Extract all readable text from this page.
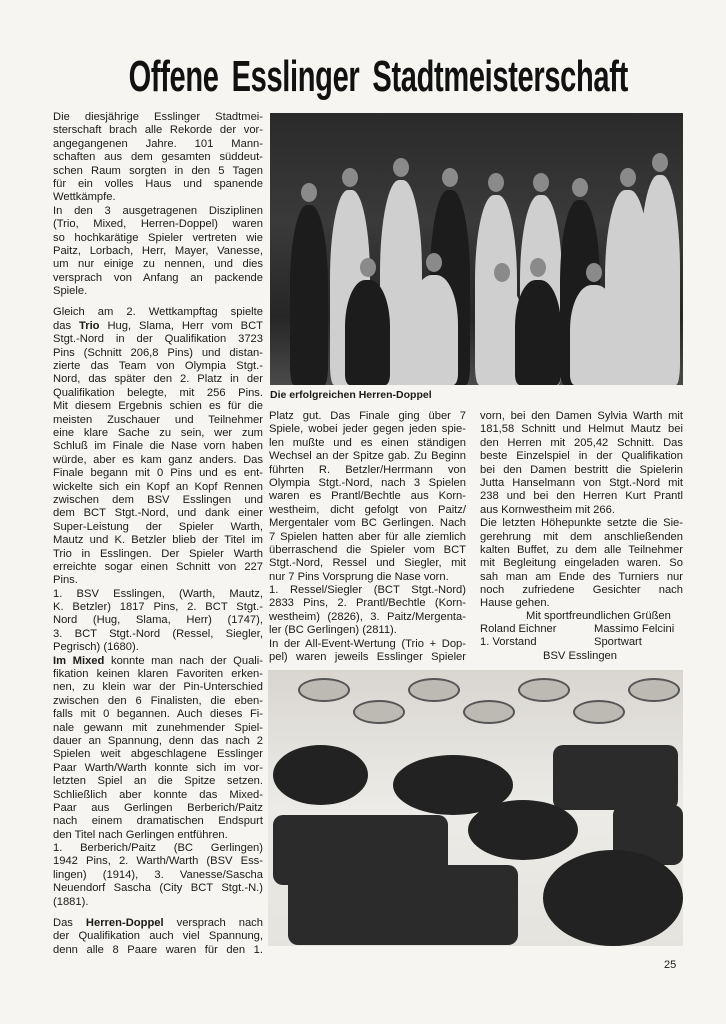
Offene Esslinger Stadtmeisterschaft
Die diesjährige Esslinger Stadtmei-
sterschaft brach alle Rekorde der vor-
angegangenen Jahre. 101 Mann-
schaften aus dem gesamten süddeut-
schen Raum sorgten in den 5 Tagen
für ein volles Haus und spanende
Wettkämpfe.
In den 3 ausgetragenen Disziplinen
(Trio, Mixed, Herren-Doppel) waren
so hochkarätige Spieler vertreten wie
Paitz, Lorbach, Herr, Mayer, Vanesse,
um nur einige zu nennen, und dies
versprach von Anfang an packende
Spiele.
Gleich am 2. Wettkampftag spielte
das Trio Hug, Slama, Herr vom BCT
Stgt.-Nord in der Qualifikation 3723
Pins (Schnitt 206,8 Pins) und distan-
zierte das Team von Olympia Stgt.-
Nord, das später den 2. Platz in der
Qualifikation belegte, mit 256 Pins.
Mit diesem Ergebnis schien es für die
meisten Zuschauer und Teilnehmer
eine klare Sache zu sein, wer zum
Schluß im Finale die Nase vorn haben
würde, aber es kam ganz anders. Das
Finale begann mit 0 Pins und es ent-
wickelte sich ein Kopf an Kopf Rennen
zwischen dem BSV Esslingen und
dem BCT Stgt.-Nord, und dank einer
Super-Leistung der Spieler Warth,
Mautz und K. Betzler blieb der Titel im
Trio in Esslingen. Der Spieler Warth
erreichte sogar einen Schnitt von 227
Pins.
1. BSV Esslingen, (Warth, Mautz,
K. Betzler) 1817 Pins, 2. BCT Stgt.-
Nord (Hug, Slama, Herr) (1747),
3. BCT Stgt.-Nord (Ressel, Siegler,
Pegrisch) (1680).
Im Mixed konnte man nach der Quali-
fikation keinen klaren Favoriten erken-
nen, zu klein war der Pin-Unterschied
zwischen den 6 Finalisten, die eben-
falls mit 0 begannen. Auch dieses Fi-
nale gewann mit zunehmender Spiel-
dauer an Spannung, denn das nach 2
Spielen weit abgeschlagene Esslinger
Paar Warth/Warth konnte sich im vor-
letzten Spiel an die Spitze setzen.
Schließlich aber konnte das Mixed-
Paar aus Gerlingen Berberich/Paitz
nach einem dramatischen Endspurt
den Titel nach Gerlingen entführen.
1. Berberich/Paitz (BC Gerlingen)
1942 Pins, 2. Warth/Warth (BSV Ess-
lingen) (1914), 3. Vanesse/Sascha
Neuendorf Sascha (City BCT Stgt.-N.)
(1881).
Das Herren-Doppel versprach nach
der Qualifikation auch viel Spannung,
denn alle 8 Paare waren für den 1.
Die erfolgreichen Herren-Doppel
Platz gut. Das Finale ging über 7
Spiele, wobei jeder gegen jeden spie-
len mußte und es einen ständigen
Wechsel an der Spitze gab. Zu Beginn
führten R. Betzler/Herrmann von
Olympia Stgt.-Nord, nach 3 Spielen
waren es Prantl/Bechtle aus Korn-
westheim, dicht gefolgt von Paitz/
Mergentaler vom BC Gerlingen. Nach
7 Spielen hatten aber für alle ziemlich
überraschend die Spieler vom BCT
Stgt.-Nord, Ressel und Siegler, mit
nur 7 Pins Vorsprung die Nase vorn.
1. Ressel/Siegler (BCT Stgt.-Nord)
2833 Pins, 2. Prantl/Bechtle (Korn-
westheim) (2826), 3. Paitz/Mergenta-
ler (BC Gerlingen) (2811).
In der All-Event-Wertung (Trio + Dop-
pel) waren jeweils Esslinger Spieler
vorn, bei den Damen Sylvia Warth mit
181,58 Schnitt und Helmut Mautz bei
den Herren mit 205,42 Schnitt. Das
beste Einzelspiel in der Qualifikation
bei den Damen bestritt die Spielerin
Jutta Hanselmann von Stgt.-Nord mit
238 und bei den Herren Kurt Prantl
aus Kornwestheim mit 266.
Die letzten Höhepunkte setzte die Sie-
gerehrung mit dem anschließenden
kalten Buffet, zu dem alle Teilnehmer
mit Begleitung eingeladen waren. So
sah man am Ende des Turniers nur
noch zufriedene Gesichter nach
Hause gehen.
Mit sportfreundlichen Grüßen
Roland Eichner	Massimo Felcini
1. Vorstand	Sportwart
BSV Esslingen
25
